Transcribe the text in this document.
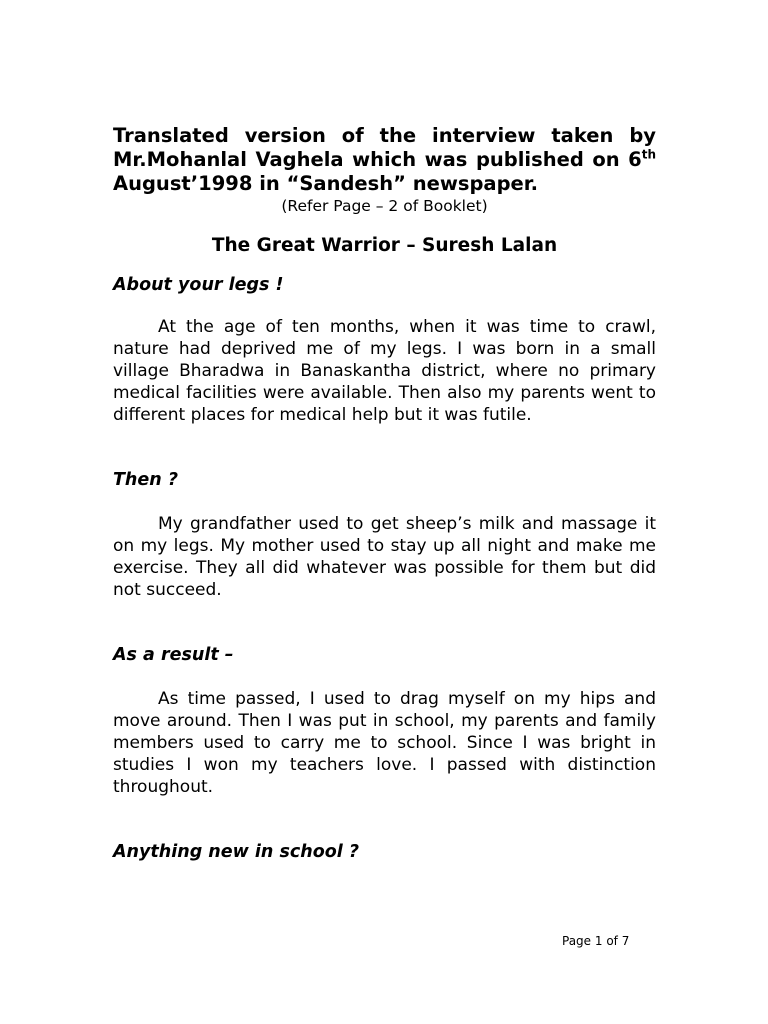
Translated version of the interview taken by Mr.Mohanlal Vaghela which was published on 6th August’1998 in “Sandesh” newspaper.

(Refer Page – 2 of Booklet)

The Great Warrior – Suresh Lalan

About your legs !

At the age of ten months, when it was time to crawl, nature had deprived me of my legs. I was born in a small village Bharadwa in Banaskantha district, where no primary medical facilities were available. Then also my parents went to different places for medical help but it was futile.

Then ?

My grandfather used to get sheep’s milk and massage it on my legs. My mother used to stay up all night and make me exercise. They all did whatever was possible for them but did not succeed.

As a result –

As time passed, I used to drag myself on my hips and move around. Then I was put in school, my parents and family members used to carry me to school. Since I was bright in studies I won my teachers love. I passed with distinction throughout.

Anything new in school ?

Page 1 of 7
